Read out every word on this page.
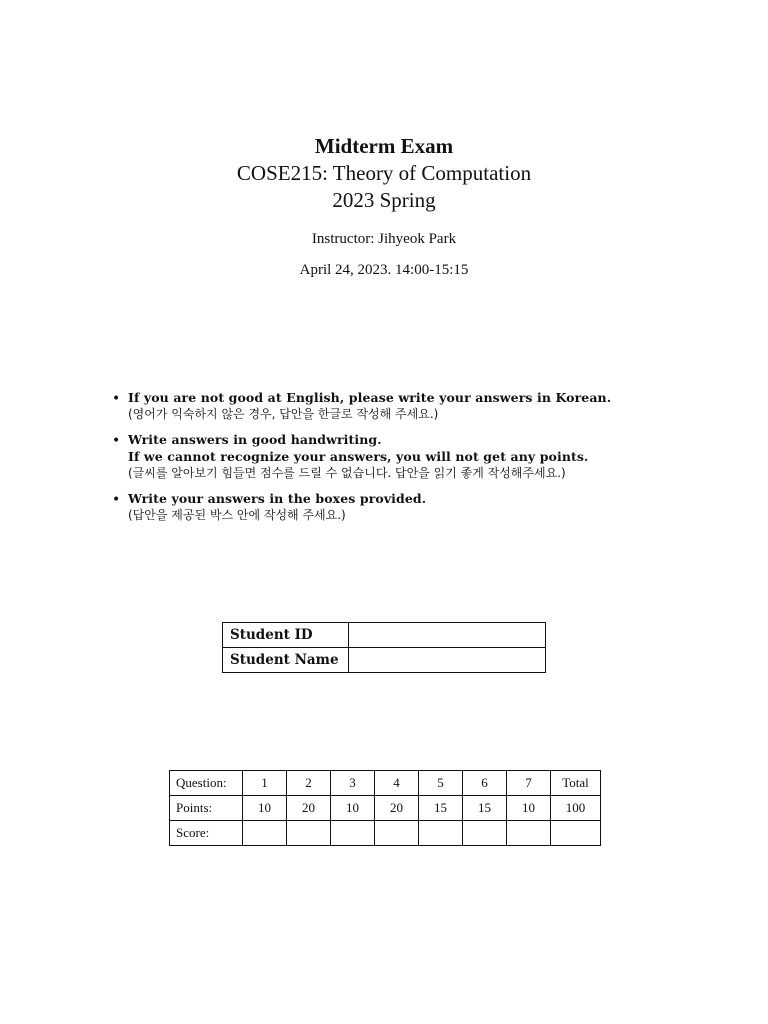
Midterm Exam

COSE215: Theory of Computation

2023 Spring

Instructor: Jihyeok Park
April 24, 2023. 14:00-15:15
• If you are not good at English, please write your answers in Korean.
(영어가 익숙하지 않은 경우, 답안을 한글로 작성해 주세요.)
• Write answers in good handwriting.
If we cannot recognize your answers, you will not get any points.
(글씨를 알아보기 힘들면 점수를 드릴 수 없습니다. 답안을 읽기 좋게 작성해주세요.)
• Write your answers in the boxes provided.
(답안을 제공된 박스 안에 작성해 주세요.)
Student ID	
Student Name	
Question:	1	2	3	4	5	6	7	Total
Points:	10	20	10	20	15	15	10	100
Score:								
